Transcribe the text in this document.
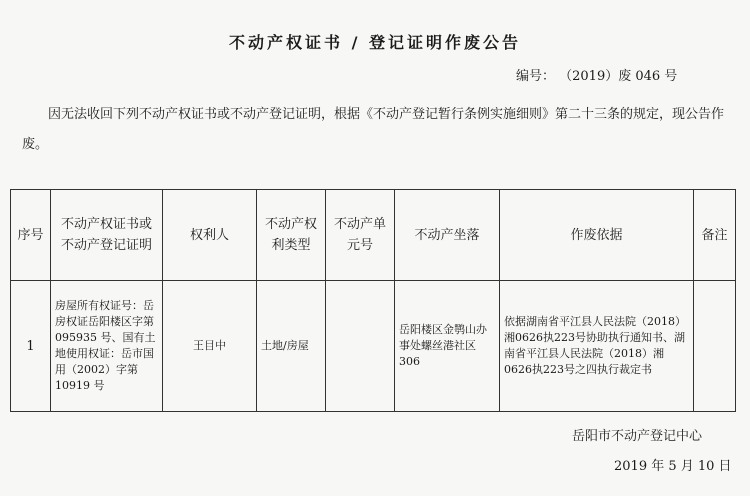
不动产权证书 / 登记证明作废公告
编号： （2019）废 046 号
因无法收回下列不动产权证书或不动产登记证明，根据《不动产登记暂行条例实施细则》第二十三条的规定，现公告作废。
序号	不动产权证书或不动产登记证明	权利人	不动产权利类型	不动产单元号	不动产坐落	作废依据	备注
1	房屋所有权证号：岳房权证岳阳楼区字第 095935 号、国有土地使用权证：岳市国用（2002）字第 10919 号	王目中	土地/房屋		岳阳楼区金鹗山办事处螺丝港社区 306	依据湖南省平江县人民法院（2018）湘0626执223号协助执行通知书、湖南省平江县人民法院（2018）湘0626执223号之四执行裁定书	
岳阳市不动产登记中心
2019 年 5 月 10 日
